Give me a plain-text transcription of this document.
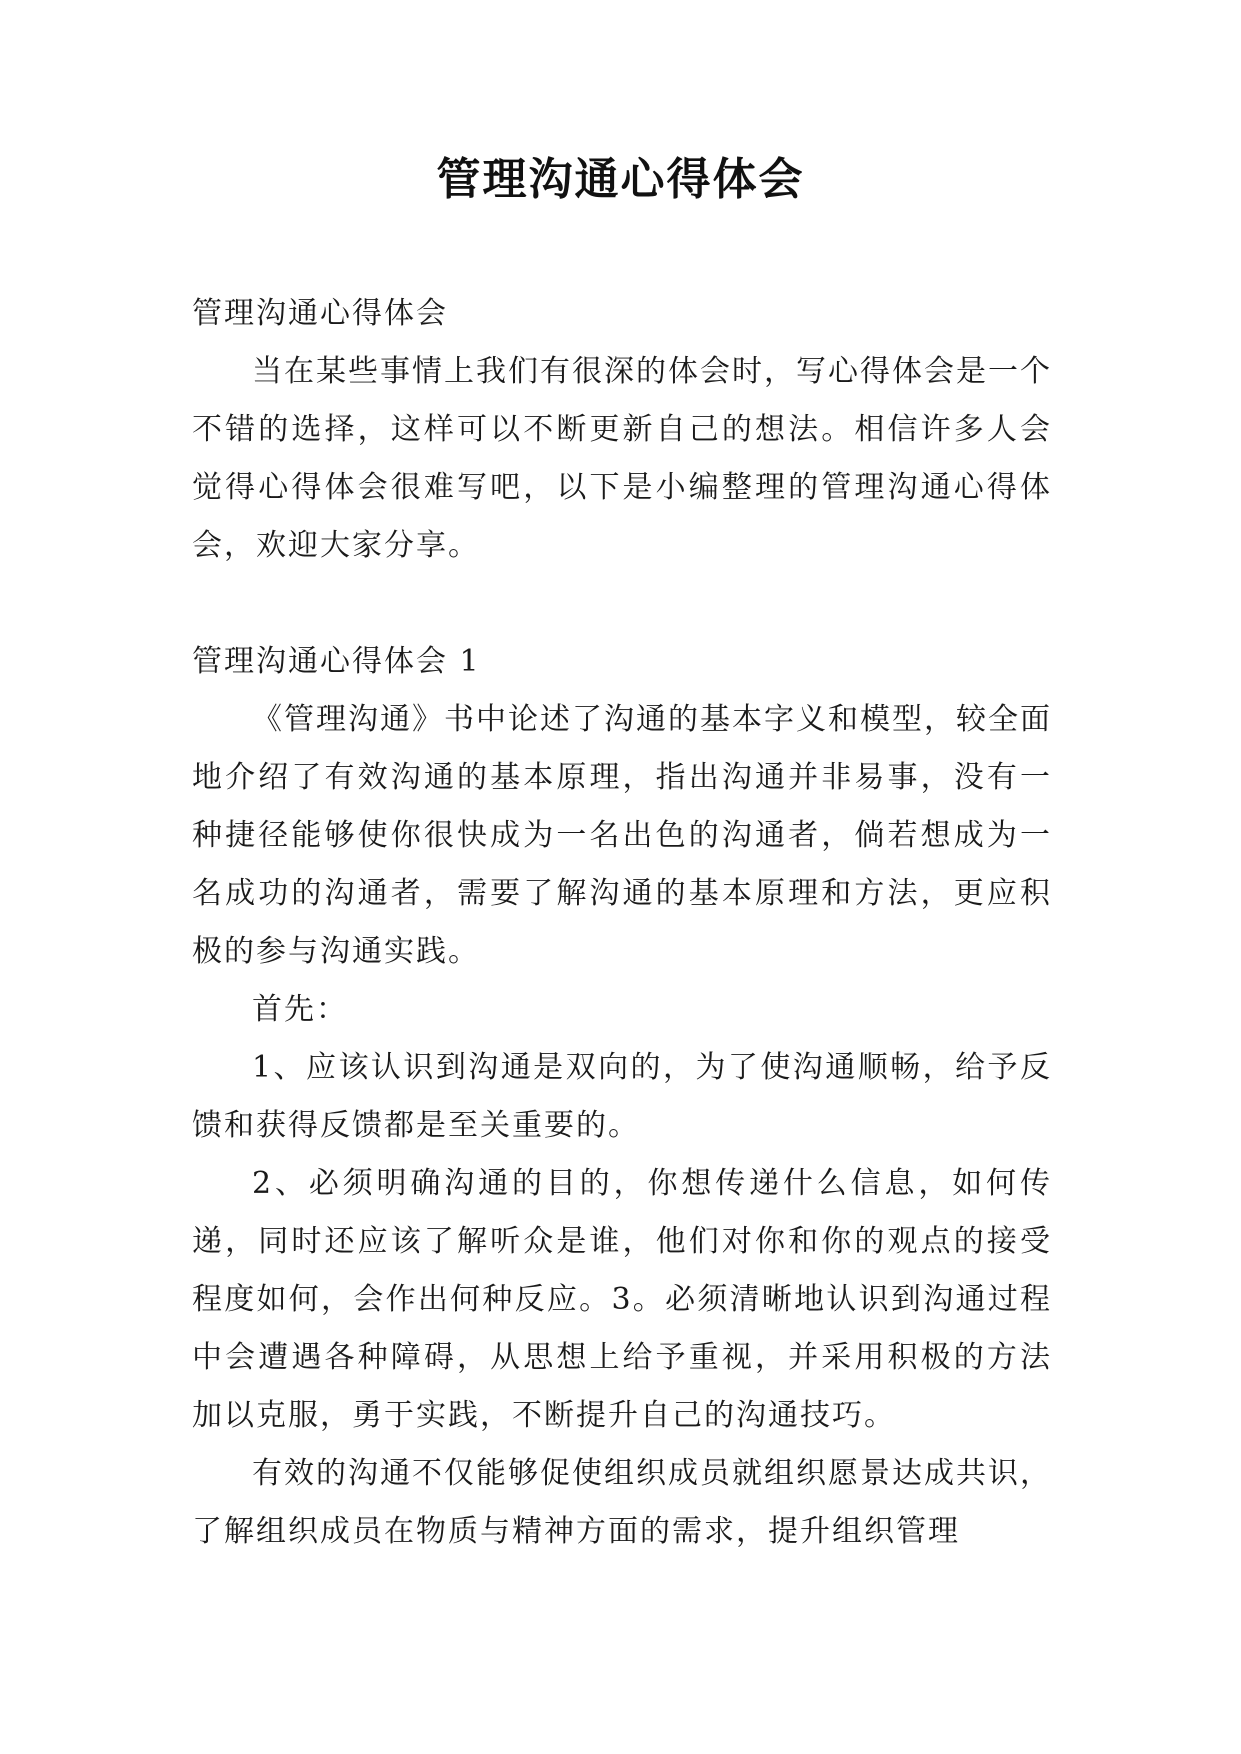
管理沟通心得体会

管理沟通心得体会

当在某些事情上我们有很深的体会时，写心得体会是一个不错的选择，这样可以不断更新自己的想法。相信许多人会觉得心得体会很难写吧，以下是小编整理的管理沟通心得体会，欢迎大家分享。

管理沟通心得体会 1

《管理沟通》书中论述了沟通的基本字义和模型，较全面地介绍了有效沟通的基本原理，指出沟通并非易事，没有一种捷径能够使你很快成为一名出色的沟通者，倘若想成为一名成功的沟通者，需要了解沟通的基本原理和方法，更应积极的参与沟通实践。

首先：

1、应该认识到沟通是双向的，为了使沟通顺畅，给予反馈和获得反馈都是至关重要的。

2、必须明确沟通的目的，你想传递什么信息，如何传递，同时还应该了解听众是谁，他们对你和你的观点的接受程度如何，会作出何种反应。3。必须清晰地认识到沟通过程中会遭遇各种障碍，从思想上给予重视，并采用积极的方法加以克服，勇于实践，不断提升自己的沟通技巧。

有效的沟通不仅能够促使组织成员就组织愿景达成共识，了解组织成员在物质与精神方面的需求，提升组织管理
